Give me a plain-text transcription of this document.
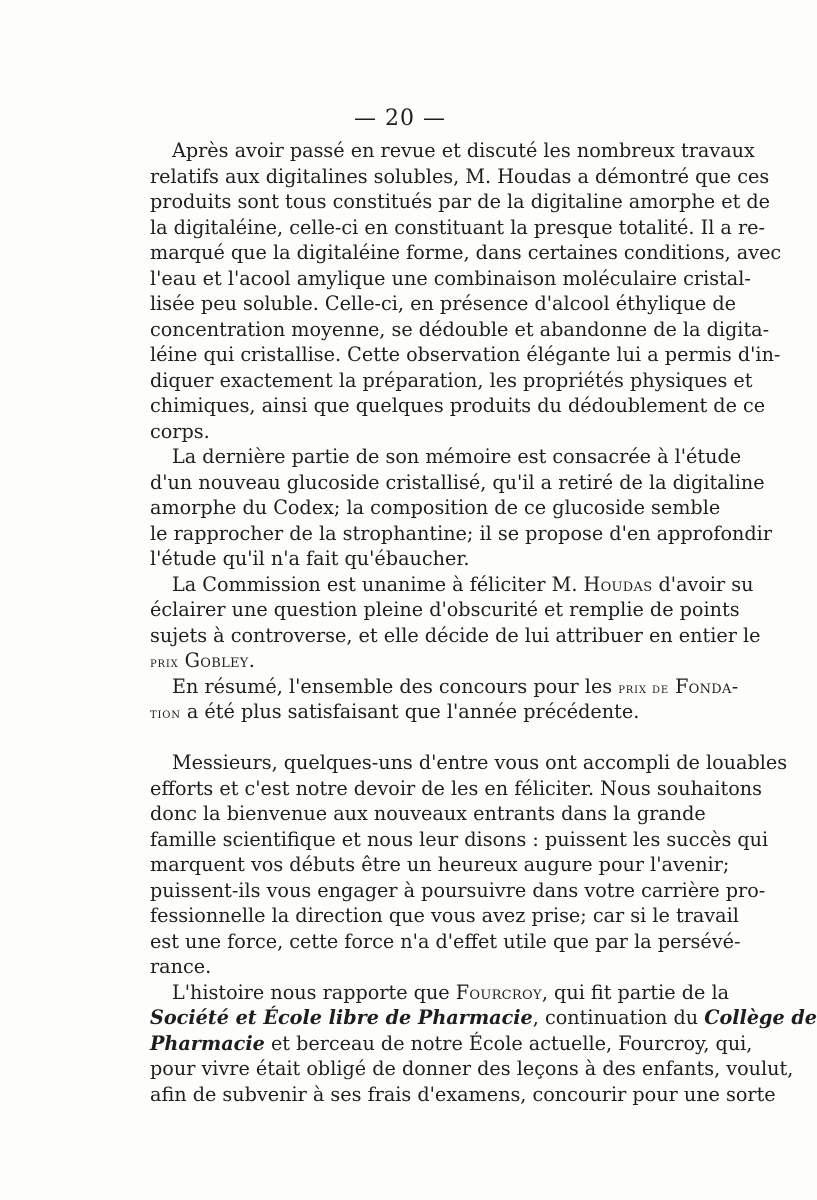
— 20 —
Après avoir passé en revue et discuté les nombreux travaux
relatifs aux digitalines solubles, M. Houdas a démontré que ces
produits sont tous constitués par de la digitaline amorphe et de
la digitaléine, celle-ci en constituant la presque totalité. Il a re-
marqué que la digitaléine forme, dans certaines conditions, avec
l'eau et l'acool amylique une combinaison moléculaire cristal-
lisée peu soluble. Celle-ci, en présence d'alcool éthylique de
concentration moyenne, se dédouble et abandonne de la digita-
léine qui cristallise. Cette observation élégante lui a permis d'in-
diquer exactement la préparation, les propriétés physiques et
chimiques, ainsi que quelques produits du dédoublement de ce
corps.
La dernière partie de son mémoire est consacrée à l'étude
d'un nouveau glucoside cristallisé, qu'il a retiré de la digitaline
amorphe du Codex; la composition de ce glucoside semble
le rapprocher de la strophantine; il se propose d'en approfondir
l'étude qu'il n'a fait qu'ébaucher.
La Commission est unanime à féliciter M. Houdas d'avoir su
éclairer une question pleine d'obscurité et remplie de points
sujets à controverse, et elle décide de lui attribuer en entier le
prix Gobley.
En résumé, l'ensemble des concours pour les prix de Fonda-
tion a été plus satisfaisant que l'année précédente.
Messieurs, quelques-uns d'entre vous ont accompli de louables
efforts et c'est notre devoir de les en féliciter. Nous souhaitons
donc la bienvenue aux nouveaux entrants dans la grande
famille scientifique et nous leur disons : puissent les succès qui
marquent vos débuts être un heureux augure pour l'avenir;
puissent-ils vous engager à poursuivre dans votre carrière pro-
fessionnelle la direction que vous avez prise; car si le travail
est une force, cette force n'a d'effet utile que par la persévé-
rance.
L'histoire nous rapporte que Fourcroy, qui fit partie de la
Société et École libre de Pharmacie, continuation du Collège de
Pharmacie et berceau de notre École actuelle, Fourcroy, qui,
pour vivre était obligé de donner des leçons à des enfants, voulut,
afin de subvenir à ses frais d'examens, concourir pour une sorte
